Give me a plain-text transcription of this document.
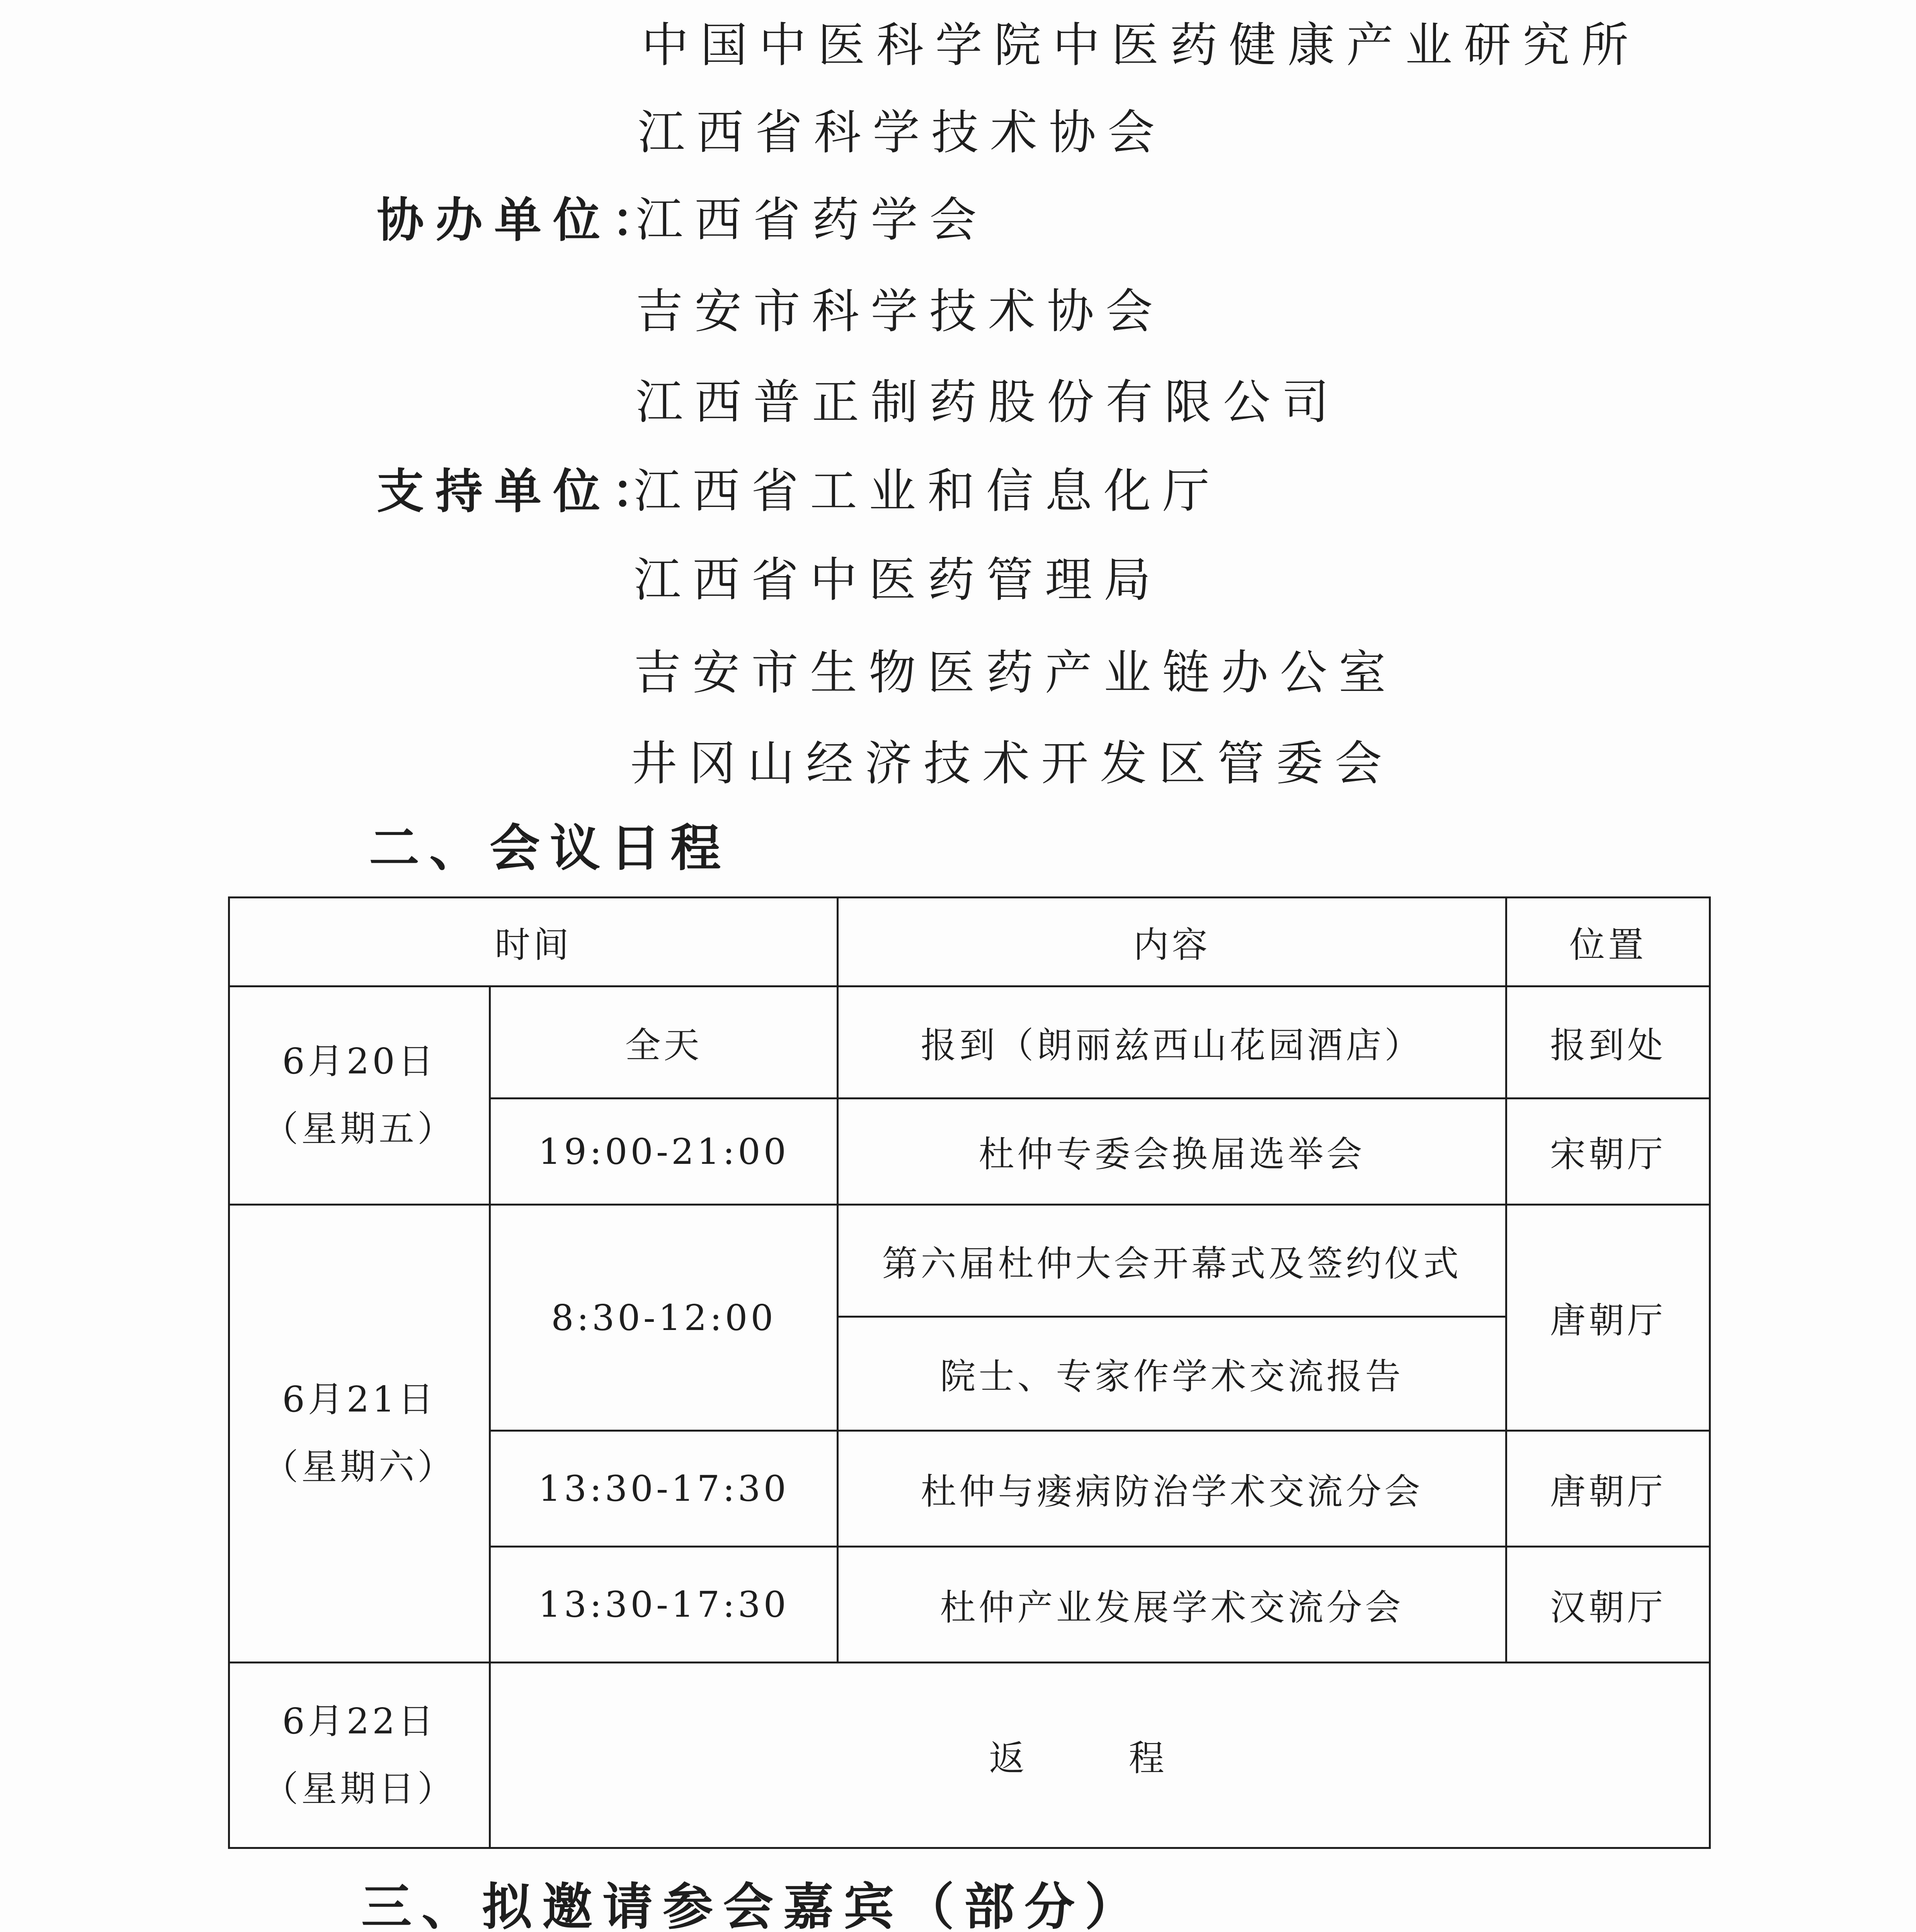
中国中医科学院中医药健康产业研究所
江西省科学技术协会
协办单位：
江西省药学会
吉安市科学技术协会
江西普正制药股份有限公司
支持单位：
江西省工业和信息化厅
江西省中医药管理局
吉安市生物医药产业链办公室
井冈山经济技术开发区管委会
二、会议日程
时间		内容	位置

6月20日
（星期五）	全天	报到（朗丽兹西山花园酒店）	报到处
	19:00-21:00	杜仲专委会换届选举会	宋朝厅

6月21日
（星期六）	8:30-12:00	第六届杜仲大会开幕式及签约仪式	唐朝厅
		院士、专家作学术交流报告	
	13:30-17:30	杜仲与瘘病防治学术交流分会	唐朝厅
	13:30-17:30	杜仲产业发展学术交流分会	汉朝厅

6月22日
（星期日）	返 程		
三、拟邀请参会嘉宾（部分）
